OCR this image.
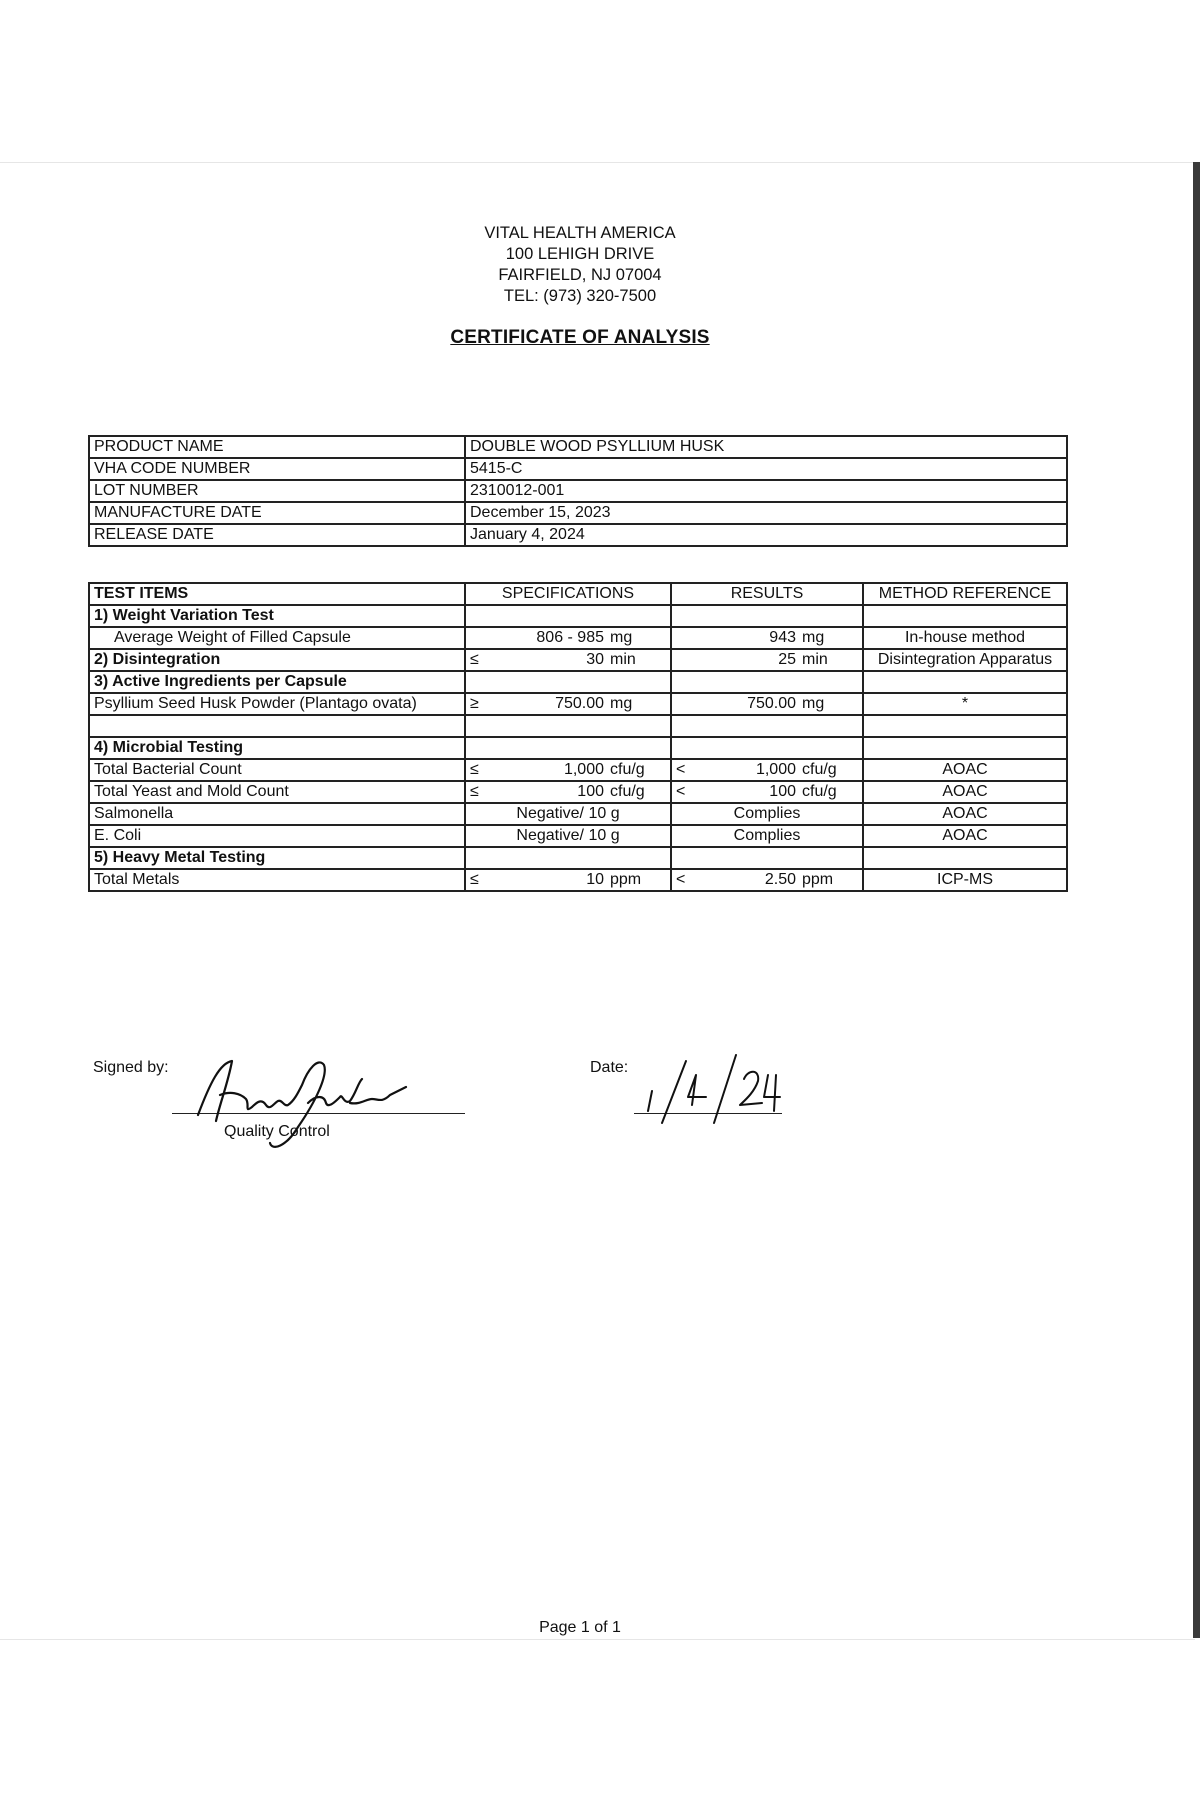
VITAL HEALTH AMERICA
100 LEHIGH DRIVE
FAIRFIELD, NJ 07004
TEL: (973) 320-7500
CERTIFICATE OF ANALYSIS
PRODUCT NAME	DOUBLE WOOD PSYLLIUM HUSK
VHA CODE NUMBER	5415-C
LOT NUMBER	2310012-001
MANUFACTURE DATE	December 15, 2023
RELEASE DATE	January 4, 2024
TEST ITEMS	SPECIFICATIONS	RESULTS	METHOD REFERENCE
1) Weight Variation Test			
Average Weight of Filled Capsule	806 - 985 mg	943 mg	In-house method
2) Disintegration	≤ 30 min	25 min	Disintegration Apparatus
3) Active Ingredients per Capsule			
Psyllium Seed Husk Powder (Plantago ovata)	≥ 750.00 mg	750.00 mg	*

4) Microbial Testing			
Total Bacterial Count	≤ 1,000 cfu/g	< 1,000 cfu/g	AOAC
Total Yeast and Mold Count	≤ 100 cfu/g	< 100 cfu/g	AOAC
Salmonella	Negative/ 10 g	Complies	AOAC
E. Coli	Negative/ 10 g	Complies	AOAC
5) Heavy Metal Testing			
Total Metals	≤ 10 ppm	< 2.50 ppm	ICP-MS
Signed by:
Quality Control
Date:
Page 1 of 1
